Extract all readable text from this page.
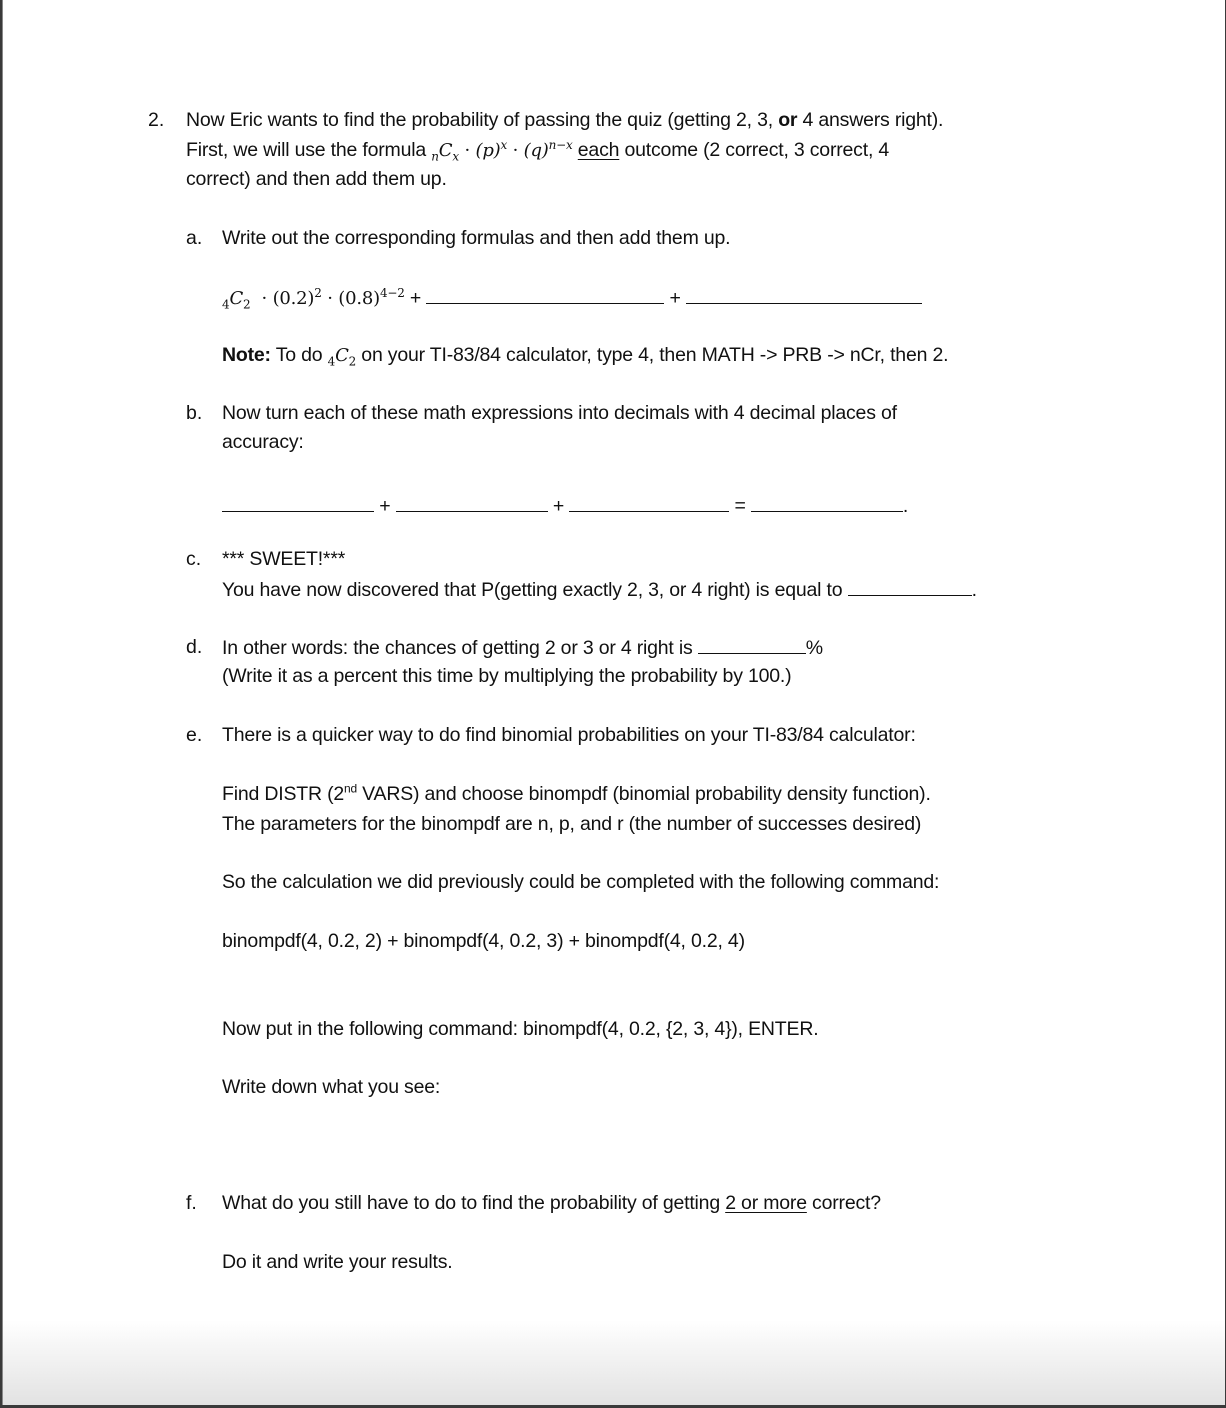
2. Now Eric wants to find the probability of passing the quiz (getting 2, 3, or 4 answers right).
First, we will use the formula $_nC_x \cdot (p)^x \cdot (q)^{n-x}$ each outcome (2 correct, 3 correct, 4
correct) and then add them up.
a. Write out the corresponding formulas and then add them up.
$_4C_2 \cdot (0.2)^2 \cdot (0.8)^{4-2}$ +	+
Note: To do $_4C_2$ on your TI-83/84 calculator, type 4, then MATH -> PRB -> nCr, then 2.
b. Now turn each of these math expressions into decimals with 4 decimal places of
accuracy:
+	+	=	.
c. *** SWEET!***
You have now discovered that P(getting exactly 2, 3, or 4 right) is equal to	.
d. In other words: the chances of getting 2 or 3 or 4 right is	%
(Write it as a percent this time by multiplying the probability by 100.)
e. There is a quicker way to do find binomial probabilities on your TI-83/84 calculator:
Find DISTR (2nd VARS) and choose binompdf (binomial probability density function).
The parameters for the binompdf are n, p, and r (the number of successes desired)
So the calculation we did previously could be completed with the following command:
binompdf(4, 0.2, 2) + binompdf(4, 0.2, 3) + binompdf(4, 0.2, 4)
Now put in the following command: binompdf(4, 0.2, {2, 3, 4}), ENTER.
Write down what you see:
f. What do you still have to do to find the probability of getting 2 or more correct?
Do it and write your results.
